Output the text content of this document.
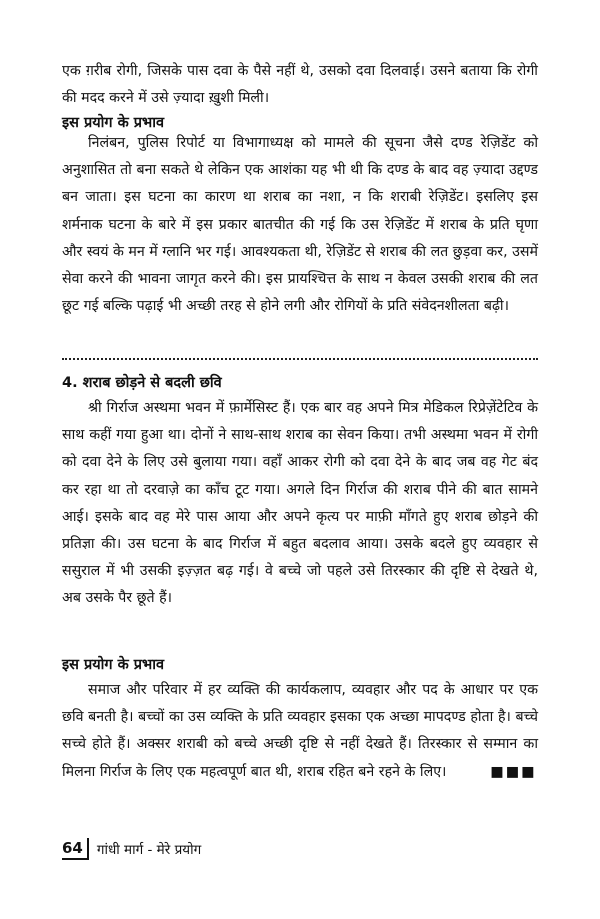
एक ग़रीब रोगी, जिसके पास दवा के पैसे नहीं थे, उसको दवा दिलवाई। उसने बताया कि रोगी की मदद करने में उसे ज़्यादा ख़ुशी मिली।

इस प्रयोग के प्रभाव

निलंबन, पुलिस रिपोर्ट या विभागाध्यक्ष को मामले की सूचना जैसे दण्ड रेज़िडेंट को अनुशासित तो बना सकते थे लेकिन एक आशंका यह भी थी कि दण्ड के बाद वह ज़्यादा उद्दण्ड बन जाता। इस घटना का कारण था शराब का नशा, न कि शराबी रेज़िडेंट। इसलिए इस शर्मनाक घटना के बारे में इस प्रकार बातचीत की गई कि उस रेज़िडेंट में शराब के प्रति घृणा और स्वयं के मन में ग्लानि भर गई। आवश्यकता थी, रेज़िडेंट से शराब की लत छुड़वा कर, उसमें सेवा करने की भावना जागृत करने की। इस प्रायश्चित्त के साथ न केवल उसकी शराब की लत छूट गई बल्कि पढ़ाई भी अच्छी तरह से होने लगी और रोगियों के प्रति संवेदनशीलता बढ़ी।

4. शराब छोड़ने से बदली छवि

श्री गिर्राज अस्थमा भवन में फ़ार्मेसिस्ट हैं। एक बार वह अपने मित्र मेडिकल रिप्रेज़ेंटेटिव के साथ कहीं गया हुआ था। दोनों ने साथ-साथ शराब का सेवन किया। तभी अस्थमा भवन में रोगी को दवा देने के लिए उसे बुलाया गया। वहाँ आकर रोगी को दवा देने के बाद जब वह गेट बंद कर रहा था तो दरवाज़े का काँच टूट गया। अगले दिन गिर्राज की शराब पीने की बात सामने आई। इसके बाद वह मेरे पास आया और अपने कृत्य पर माफ़ी माँगते हुए शराब छोड़ने की प्रतिज्ञा की। उस घटना के बाद गिर्राज में बहुत बदलाव आया। उसके बदले हुए व्यवहार से ससुराल में भी उसकी इज़्ज़त बढ़ गई। वे बच्चे जो पहले उसे तिरस्कार की दृष्टि से देखते थे, अब उसके पैर छूते हैं।

इस प्रयोग के प्रभाव

समाज और परिवार में हर व्यक्ति की कार्यकलाप, व्यवहार और पद के आधार पर एक छवि बनती है। बच्चों का उस व्यक्ति के प्रति व्यवहार इसका एक अच्छा मापदण्ड होता है। बच्चे सच्चे होते हैं। अक्सर शराबी को बच्चे अच्छी दृष्टि से नहीं देखते हैं। तिरस्कार से सम्मान का मिलना गिर्राज के लिए एक महत्वपूर्ण बात थी, शराब रहित बने रहने के लिए।	■■■

64	गांधी मार्ग - मेरे प्रयोग
